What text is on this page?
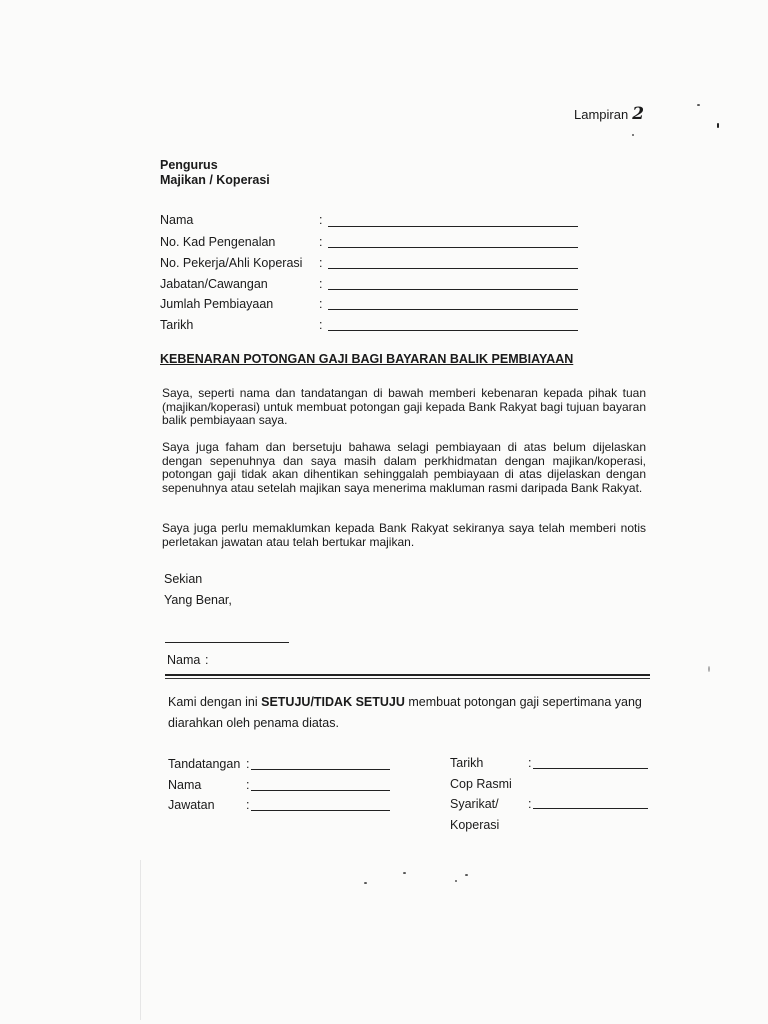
Lampiran 2
Pengurus
Majikan / Koperasi
Nama	:
No. Kad Pengenalan	:
No. Pekerja/Ahli Koperasi :
Jabatan/Cawangan	:
Jumlah Pembiayaan	:
Tarikh	:
KEBENARAN POTONGAN GAJI BAGI BAYARAN BALIK PEMBIAYAAN
Saya, seperti nama dan tandatangan di bawah memberi kebenaran kepada pihak tuan (majikan/koperasi) untuk membuat potongan gaji kepada Bank Rakyat bagi tujuan bayaran balik pembiayaan saya.
Saya juga faham dan bersetuju bahawa selagi pembiayaan di atas belum dijelaskan dengan sepenuhnya dan saya masih dalam perkhidmatan dengan majikan/koperasi, potongan gaji tidak akan dihentikan sehinggalah pembiayaan di atas dijelaskan dengan sepenuhnya atau setelah majikan saya menerima makluman rasmi daripada Bank Rakyat.
Saya juga perlu memaklumkan kepada Bank Rakyat sekiranya saya telah memberi notis perletakan jawatan atau telah bertukar majikan.
Sekian
Yang Benar,
Nama :
Kami dengan ini SETUJU/TIDAK SETUJU membuat potongan gaji sepertimana yang
diarahkan oleh penama diatas.
Tandatangan :
Nama	:
Jawatan	:
Tarikh	:
Cop Rasmi
Syarikat/ :
Koperasi
